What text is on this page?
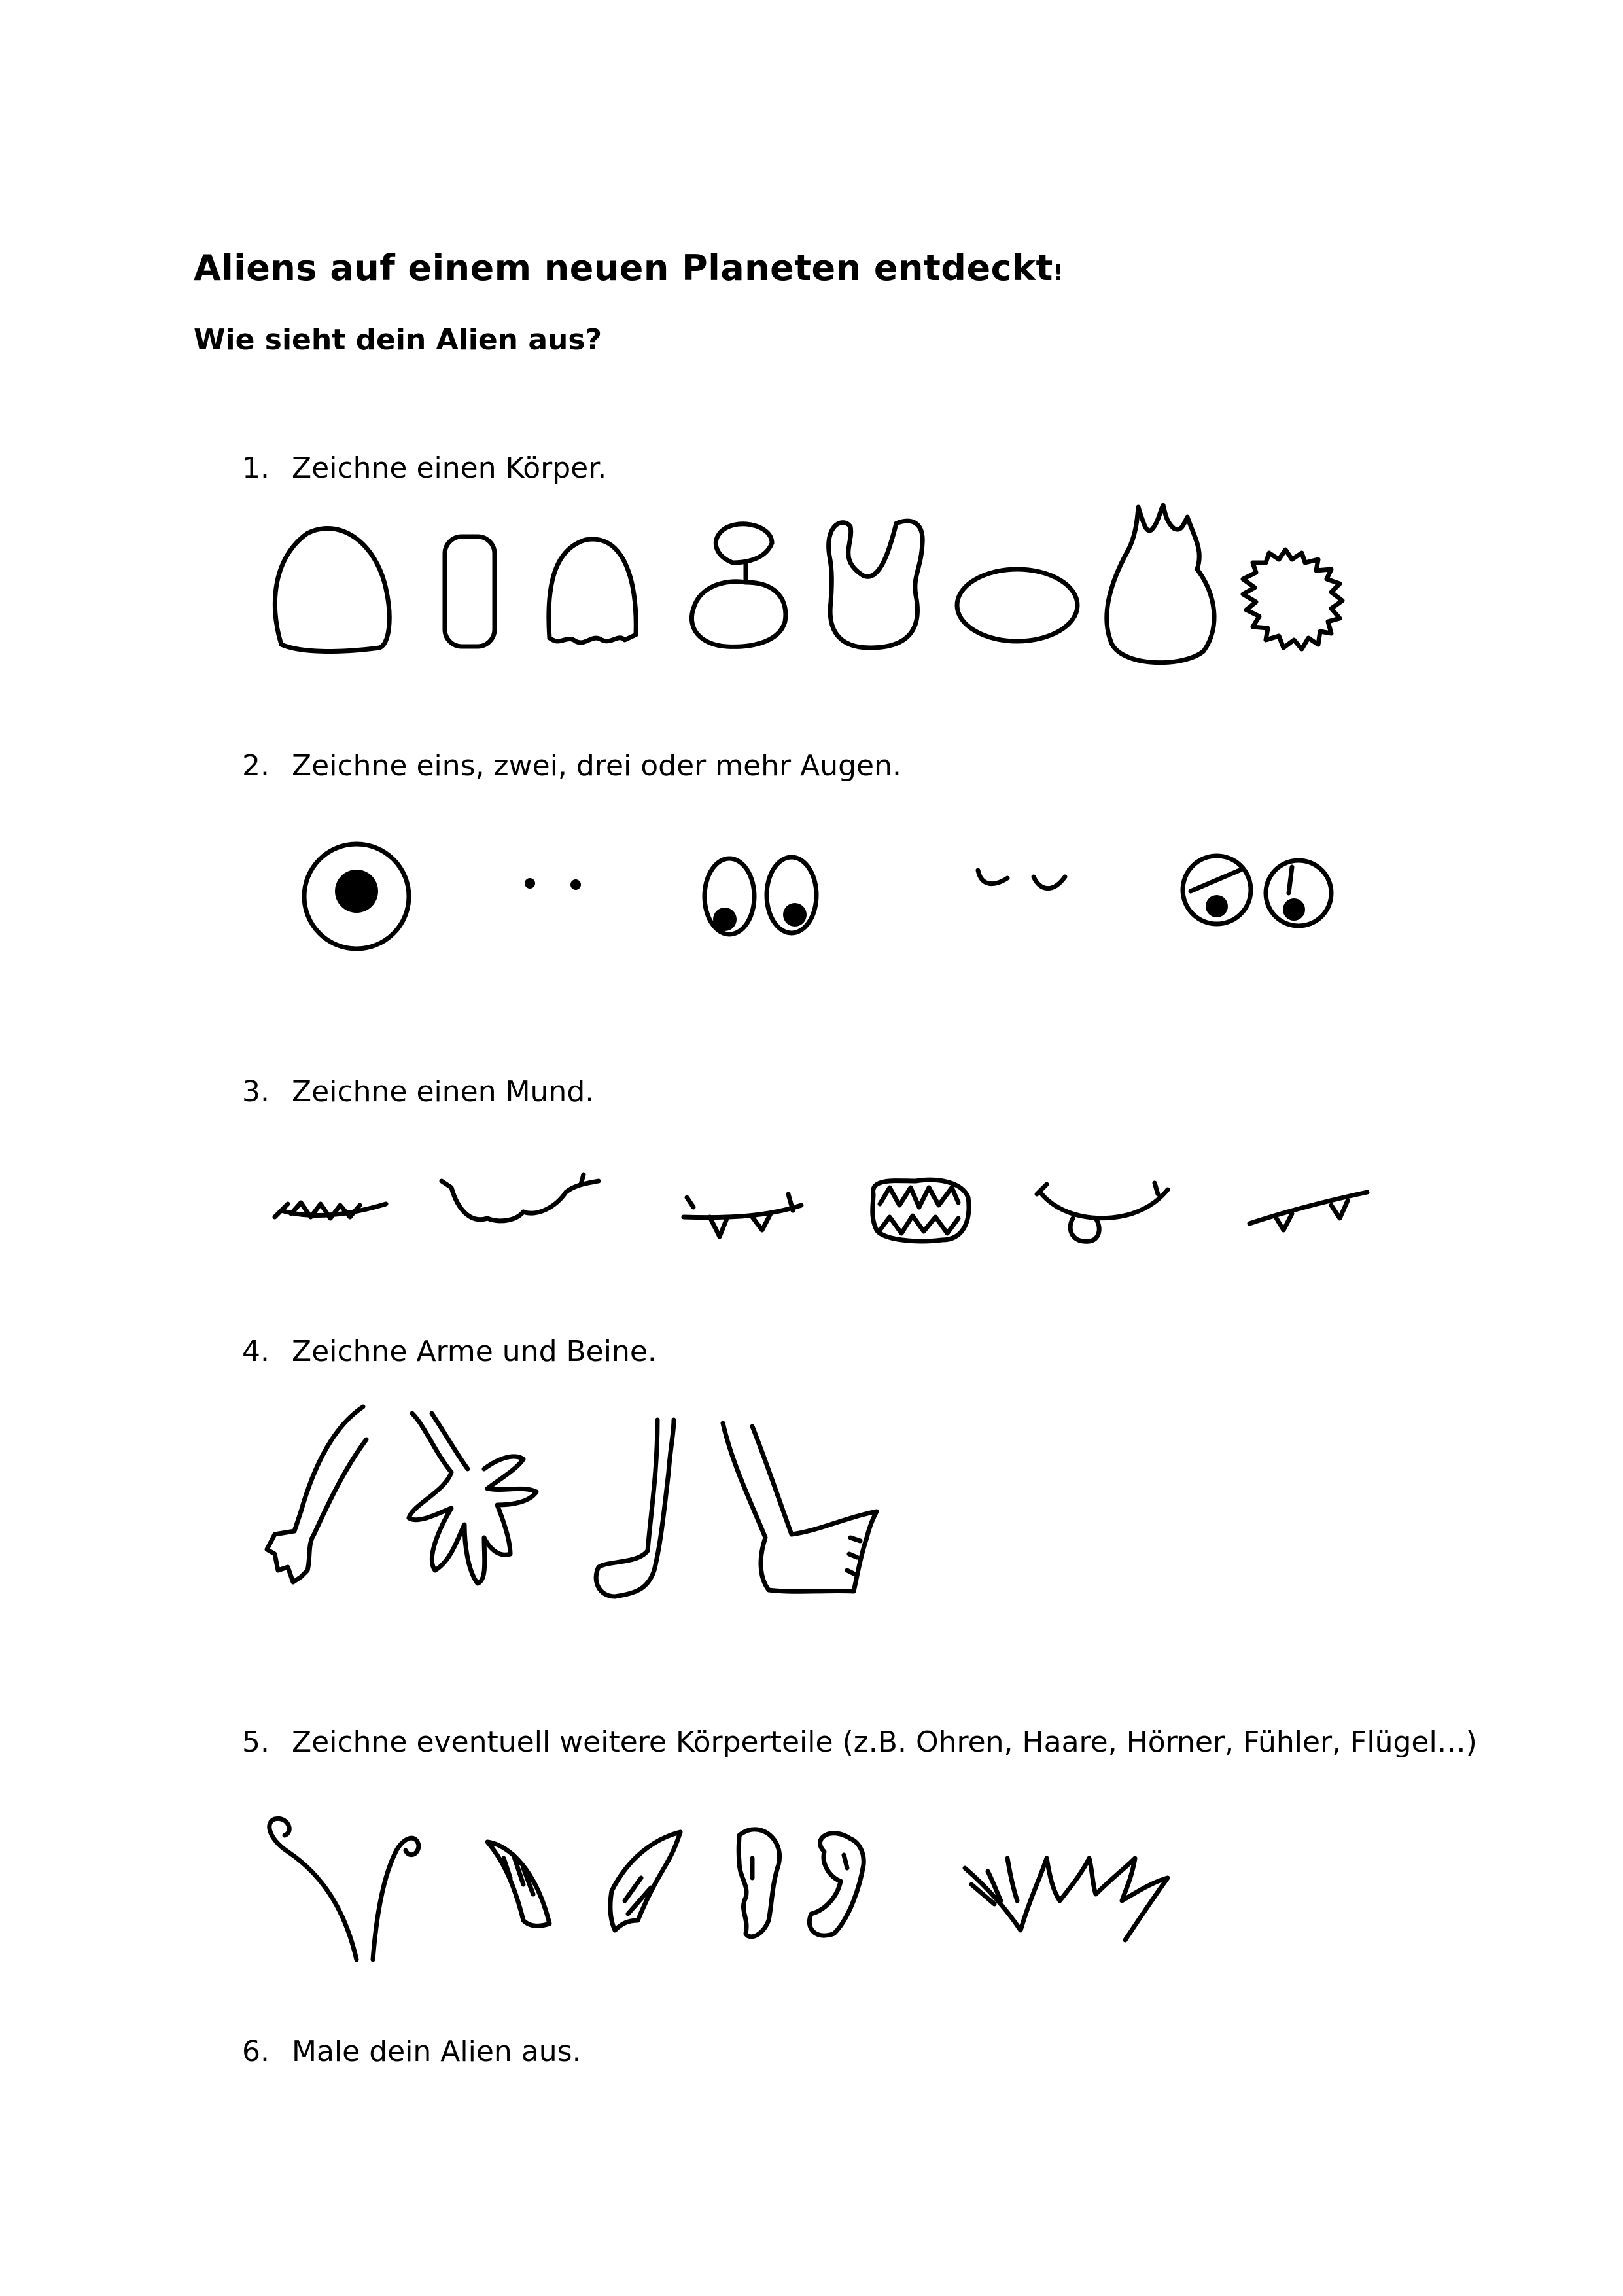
Aliens auf einem neuen Planeten entdeckt!
Wie sieht dein Alien aus?
1. Zeichne einen Körper.
2. Zeichne eins, zwei, drei oder mehr Augen.
3. Zeichne einen Mund.
4. Zeichne Arme und Beine.
5. Zeichne eventuell weitere Körperteile (z.B. Ohren, Haare, Hörner, Fühler, Flügel…)
6. Male dein Alien aus.
